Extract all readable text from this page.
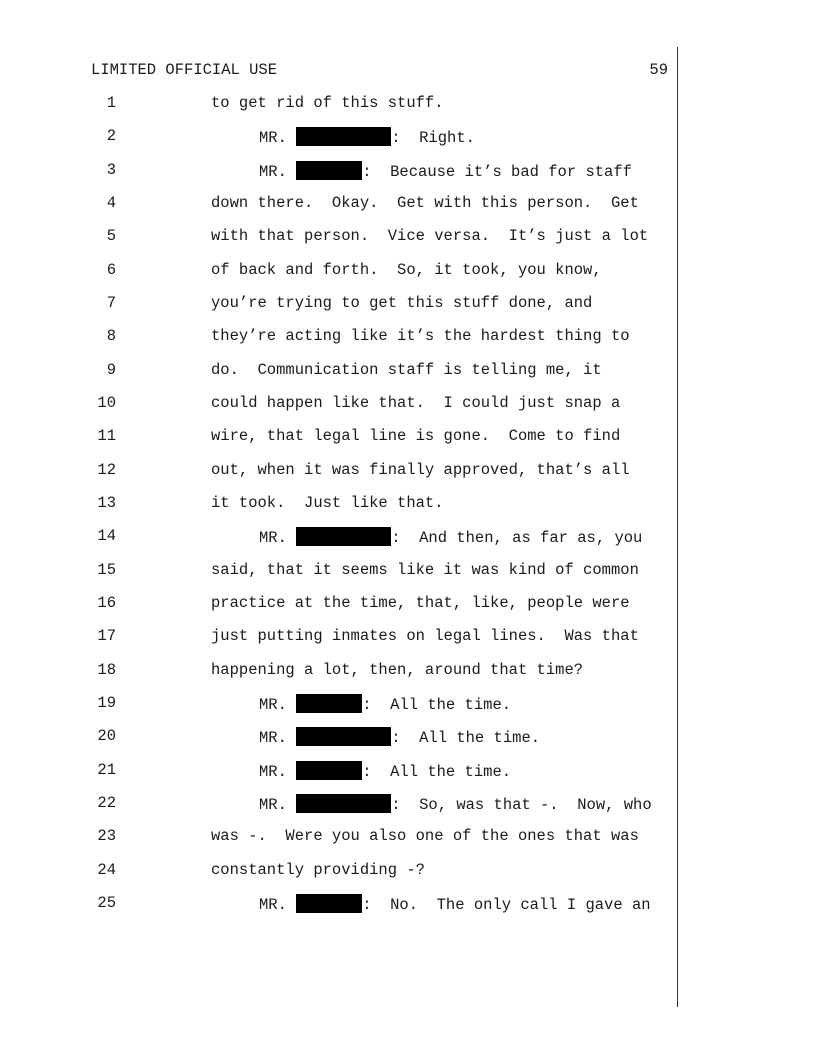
LIMITED OFFICIAL USE	59
1	to get rid of this stuff.
2	MR.	:  Right.
3	MR.	:  Because it’s bad for staff
4	down there.  Okay.  Get with this person.  Get
5	with that person.  Vice versa.  It’s just a lot
6	of back and forth.  So, it took, you know,
7	you’re trying to get this stuff done, and
8	they’re acting like it’s the hardest thing to
9	do.  Communication staff is telling me, it
10	could happen like that.  I could just snap a
11	wire, that legal line is gone.  Come to find
12	out, when it was finally approved, that’s all
13	it took.  Just like that.
14	MR.	:  And then, as far as, you
15	said, that it seems like it was kind of common
16	practice at the time, that, like, people were
17	just putting inmates on legal lines.  Was that
18	happening a lot, then, around that time?
19	MR.	:  All the time.
20	MR.	:  All the time.
21	MR.	:  All the time.
22	MR.	:  So, was that -.  Now, who
23	was -.  Were you also one of the ones that was
24	constantly providing -?
25	MR.	:  No.  The only call I gave an
